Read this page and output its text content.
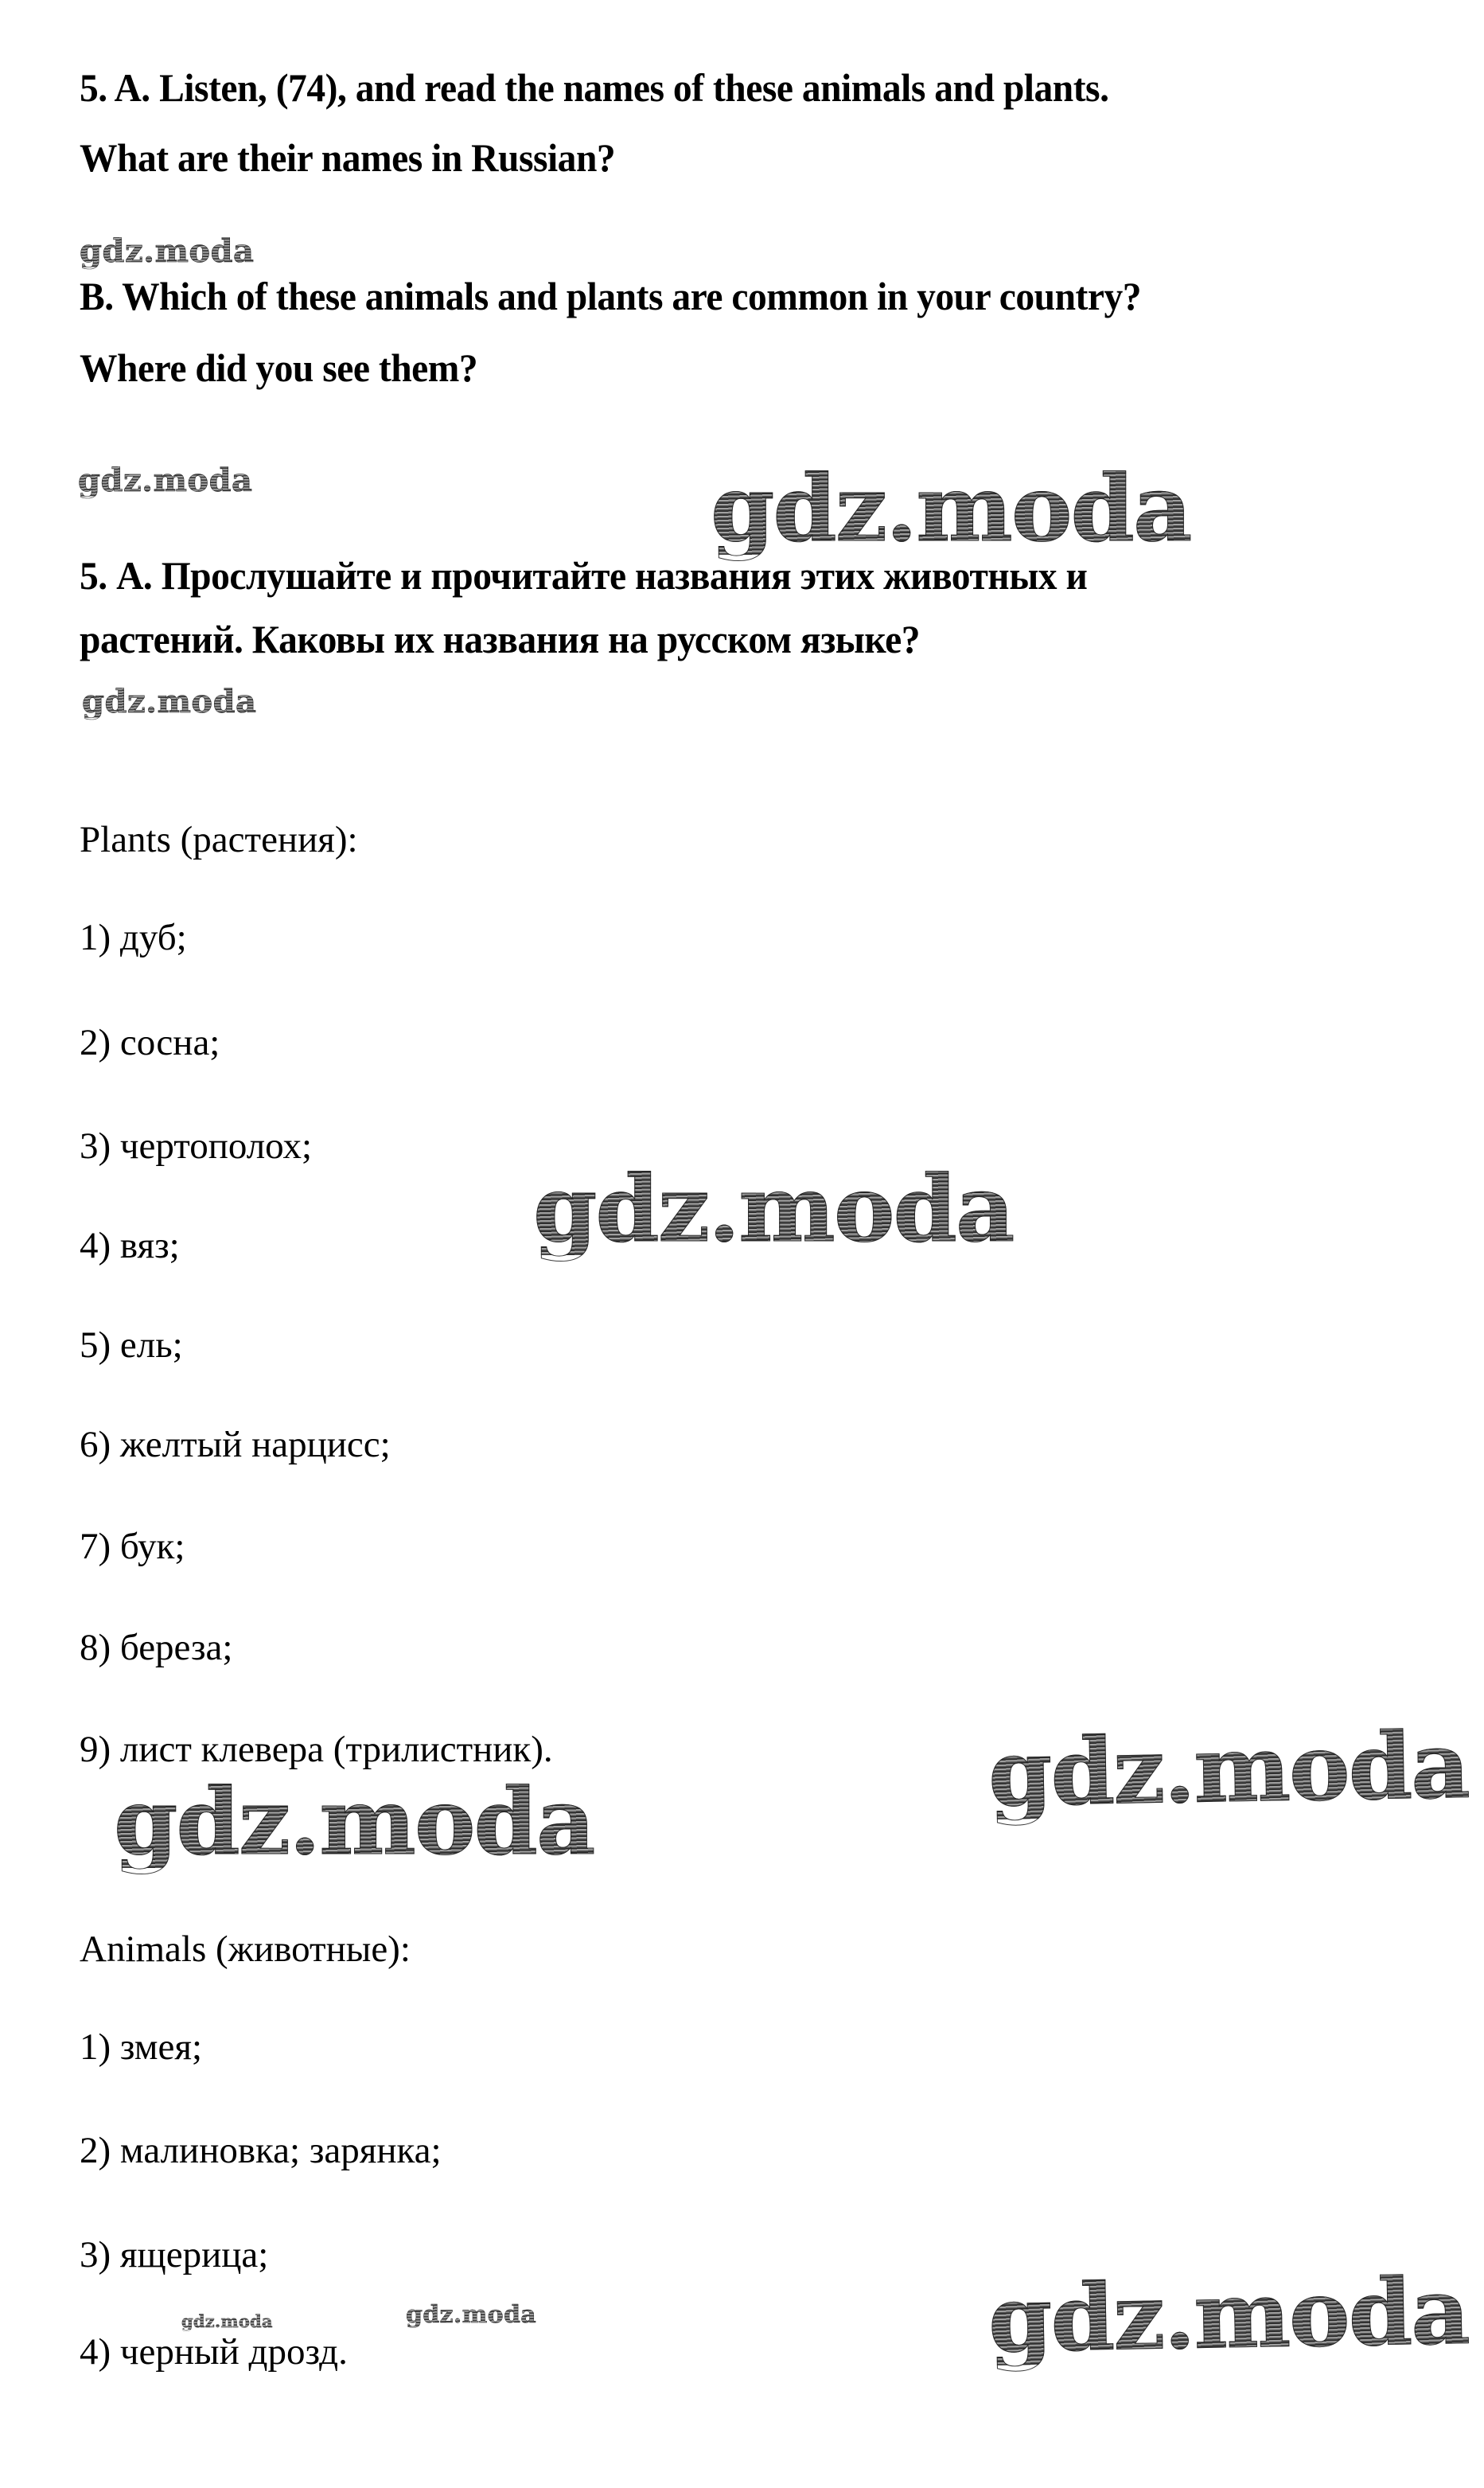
5. A. Listen, (74), and read the names of these animals and plants.
What are their names in Russian?
gdz.moda
B. Which of these animals and plants are common in your country?
Where did you see them?
gdz.moda	gdz.moda
5. А. Прослушайте и прочитайте названия этих животных и
растений. Каковы их названия на русском языке?
gdz.moda
Plants (растения):
1) дуб;
2) сосна;
3) чертополох;
4) вяз;
5) ель;
6) желтый нарцисс;
7) бук;
8) береза;
9) лист клевера (трилистник).
gdz.moda
gdz.moda
gdz.moda
Animals (животные):
1) змея;
2) малиновка; зарянка;
3) ящерица;
4) черный дрозд.
gdz.moda	gdz.moda	gdz.moda
